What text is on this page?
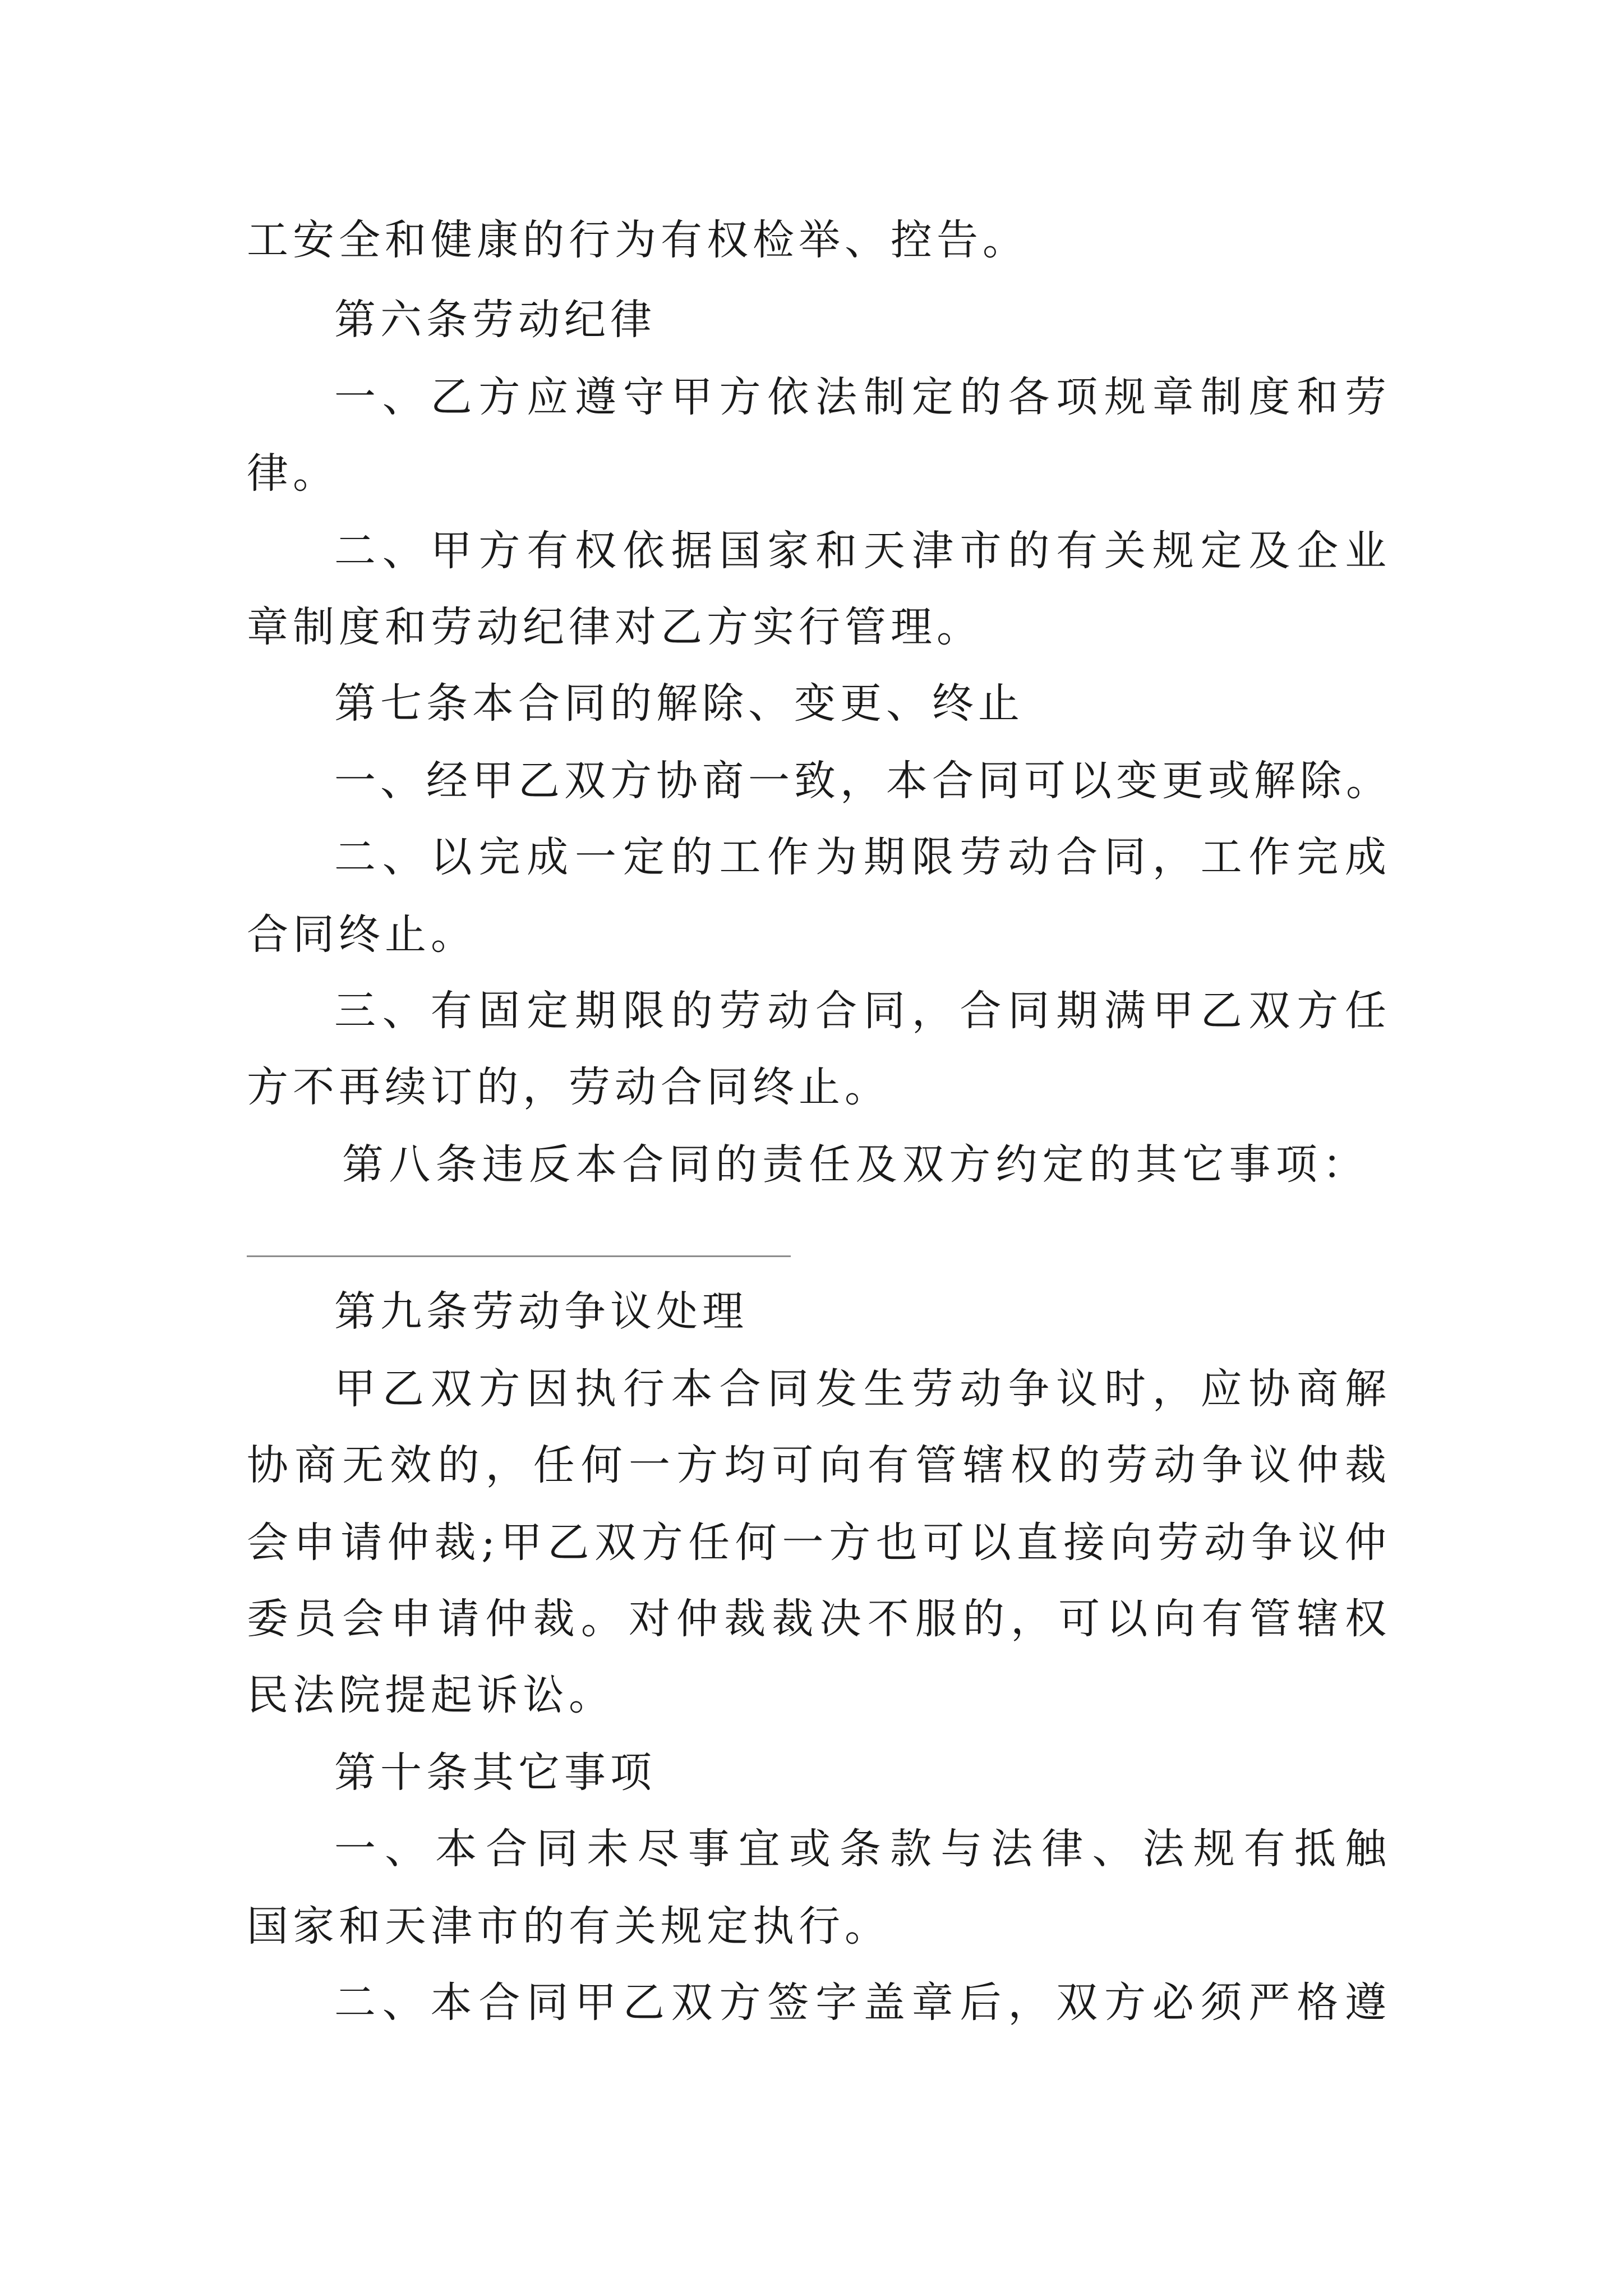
工安全和健康的行为有权检举、控告。
第六条劳动纪律
一、乙方应遵守甲方依法制定的各项规章制度和劳
律。
二、甲方有权依据国家和天津市的有关规定及企业
章制度和劳动纪律对乙方实行管理。
第七条本合同的解除、变更、终止
一、经甲乙双方协商一致，本合同可以变更或解除。
二、以完成一定的工作为期限劳动合同，工作完成
合同终止。
三、有固定期限的劳动合同，合同期满甲乙双方任
方不再续订的，劳动合同终止。
第八条违反本合同的责任及双方约定的其它事项：
第九条劳动争议处理
甲乙双方因执行本合同发生劳动争议时，应协商解
协商无效的，任何一方均可向有管辖权的劳动争议仲裁
会申请仲裁;甲乙双方任何一方也可以直接向劳动争议仲
委员会申请仲裁。对仲裁裁决不服的，可以向有管辖权
民法院提起诉讼。
第十条其它事项
一、本合同未尽事宜或条款与法律、法规有抵触
国家和天津市的有关规定执行。
二、本合同甲乙双方签字盖章后，双方必须严格遵
